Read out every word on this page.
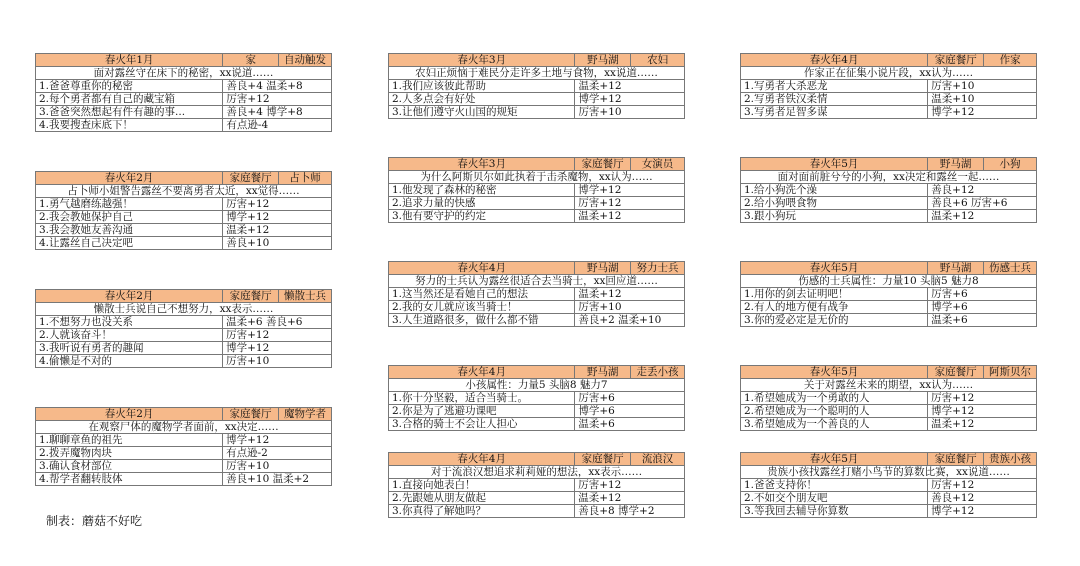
春火年1月	家	自动触发
面对露丝守在床下的秘密，xx说道……		
1.爸爸尊重你的秘密	善良+4 温柔+8	
2.每个勇者都有自己的藏宝箱	厉害+12	
3.爸爸突然想起有件有趣的事...	善良+4 博学+8	
4.我要搜查床底下！	有点逊-4	
春火年2月	家庭餐厅	占卜师
占卜师小姐警告露丝不要离勇者太近，xx觉得……		
1.勇气越磨练越强！	厉害+12	
2.我会教她保护自己	博学+12	
3.我会教她友善沟通	温柔+12	
4.让露丝自己决定吧	善良+10	
春火年2月	家庭餐厅	懒散士兵
懒散士兵说自己不想努力，xx表示……		
1.不想努力也没关系	温柔+6 善良+6	
2.人就该奋斗！	厉害+12	
3.我听说有勇者的趣闻	博学+12	
4.偷懒是不对的	厉害+10	
春火年2月	家庭餐厅	魔物学者
在观察尸体的魔物学者面前，xx决定……		
1.聊聊章鱼的祖先	博学+12	
2.拨弄魔物肉块	有点逊-2	
3.确认食材部位	厉害+10	
4.帮学者翻转肢体	善良+10 温柔+2	
春火年3月	野马湖	农妇
农妇正烦恼于难民分走许多土地与食物，xx说道……		
1.我们应该彼此帮助	温柔+12	
2.人多点会有好处	博学+12	
3.让他们遵守火山国的规矩	厉害+10	
春火年3月	家庭餐厅	女演员
为什么阿斯贝尔如此执着于击杀魔物，xx认为……		
1.他发现了森林的秘密	博学+12	
2.追求力量的快感	厉害+12	
3.他有要守护的约定	温柔+12	
春火年4月	野马湖	努力士兵
努力的士兵认为露丝很适合去当骑士，xx回应道……		
1.这当然还是看她自己的想法	温柔+12	
2.我的女儿就应该当骑士！	厉害+10	
3.人生道路很多，做什么都不错	善良+2 温柔+10	
春火年4月	野马湖	走丢小孩
小孩属性：力量5 头脑8 魅力7		
1.你十分坚毅，适合当骑士。	厉害+6	
2.你是为了逃避功课吧	博学+6	
3.合格的骑士不会让人担心	温柔+6	
春火年4月	家庭餐厅	流浪汉
对于流浪汉想追求莉莉娅的想法，xx表示……		
1.直接向她表白！	厉害+12	
2.先跟她从朋友做起	温柔+12	
3.你真得了解她吗？	善良+8 博学+2	
春火年4月	家庭餐厅	作家
作家正在征集小说片段，xx认为……		
1.写勇者大杀恶龙	厉害+10	
2.写勇者铁汉柔情	温柔+10	
3.写勇者足智多谋	博学+12	
春火年5月	野马湖	小狗
面对面前脏兮兮的小狗，xx决定和露丝一起……		
1.给小狗洗个澡	善良+12	
2.给小狗喂食物	善良+6 厉害+6	
3.跟小狗玩	温柔+12	
春火年5月	野马湖	伤感士兵
伤感的士兵属性：力量10 头脑5 魅力8		
1.用你的剑去证明吧！	厉害+6	
2.有人的地方便有战争	博学+6	
3.你的爱必定是无价的	温柔+6	
春火年5月	家庭餐厅	阿斯贝尔
关于对露丝未来的期望，xx认为……		
1.希望她成为一个勇敢的人	厉害+12	
2.希望她成为一个聪明的人	博学+12	
3.希望她成为一个善良的人	温柔+12	
春火年5月	家庭餐厅	贵族小孩
贵族小孩找露丝打赌小鸟节的算数比赛，xx说道……		
1.爸爸支持你！	厉害+12	
2.不如交个朋友吧	善良+12	
3.等我回去辅导你算数	博学+12	
制表：蘑菇不好吃
